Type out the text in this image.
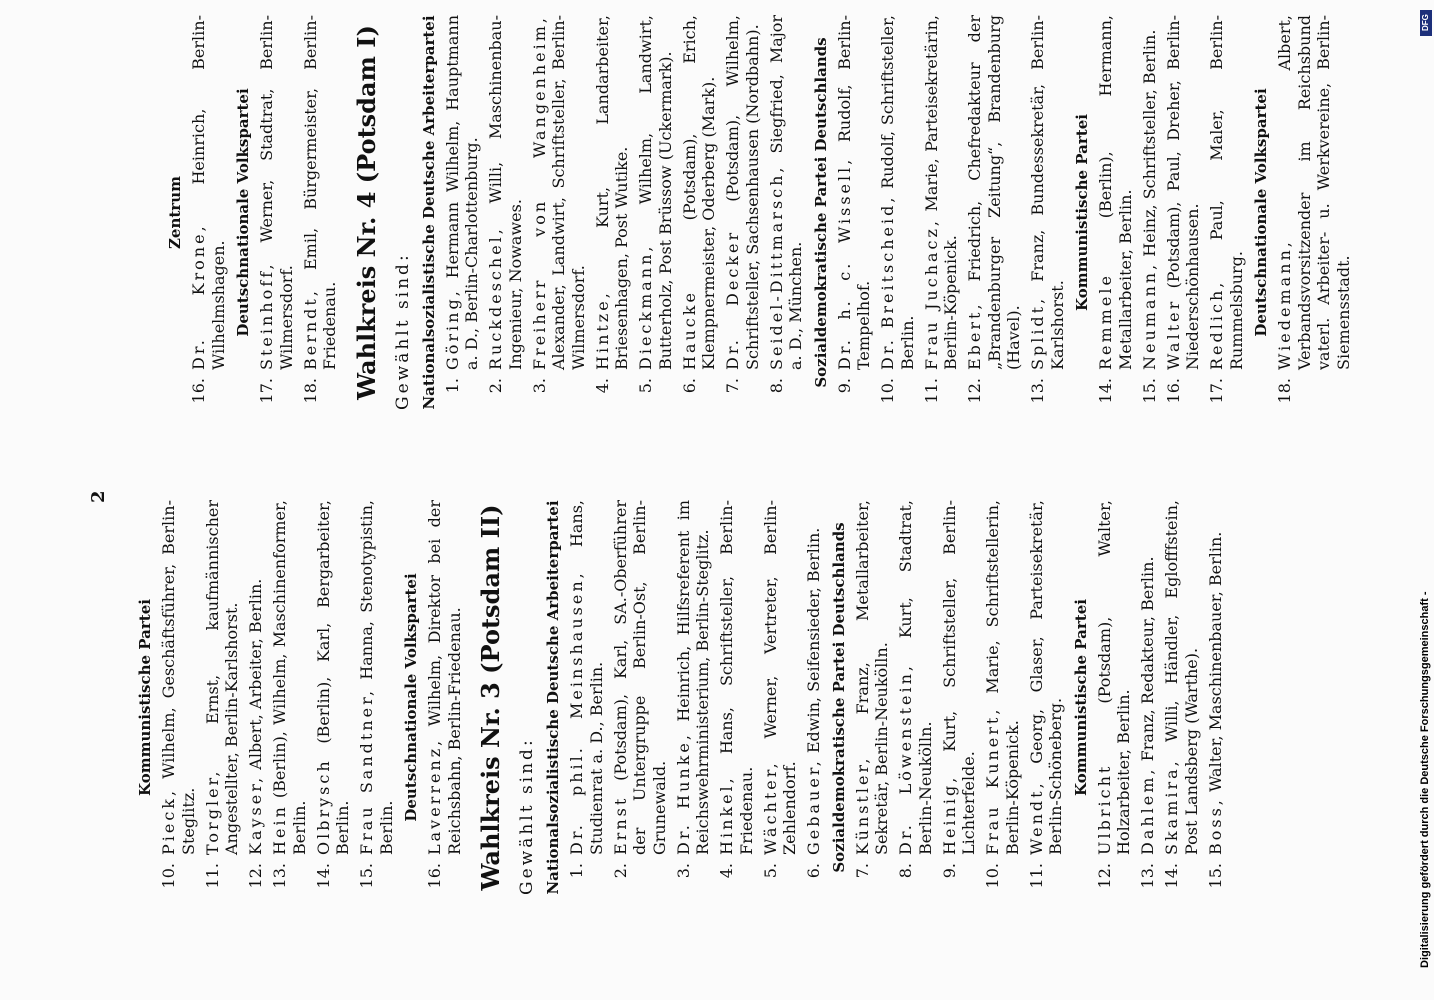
2
Kommunistische Partei
10.
Pieck, Wilhelm, Geschäftsführer, Berlin-Steglitz.
11.
Torgler, Ernst, kaufmännischer Angestellter, Berlin-Karlshorst.
12.
Kayser, Albert, Arbeiter, Berlin.
13.
Hein (Berlin), Wilhelm, Maschinenformer, Berlin.
14.
Olbrysch (Berlin), Karl, Bergarbeiter, Berlin.
15.
Frau Sandtner, Hanna, Stenotypistin, Berlin.
Deutschnationale Volkspartei
16.
Laverrenz, Wilhelm, Direktor bei der Reichsbahn, Berlin-Friedenau. Wahlkreis Nr. 3 (Potsdam II) Gewählt sind: Nationalsozialistische Deutsche Arbeiterpartei 1.
Dr. phil. Meinshausen, Hans, Studienrat a. D., Berlin.
2.
Ernst (Potsdam), Karl, SA.-Oberführer der Untergruppe Berlin-Ost, Berlin-Grunewald.
3.
Dr. Hunke, Heinrich, Hilfsreferent im Reichswehrministerium, Berlin-Steglitz.
4.
Hinkel, Hans, Schriftsteller, Berlin-Friedenau.
5.
Wächter, Werner, Vertreter, Berlin-Zehlendorf.
6.
Gebauer, Edwin, Seifensieder, Berlin. Sozialdemokratische Partei Deutschlands 7.
Künstler, Franz, Metallarbeiter, Sekretär, Berlin-Neukölln.
8.
Dr. Löwenstein, Kurt, Stadtrat, Berlin-Neukölln.
9.
Heinig, Kurt, Schriftsteller, Berlin-Lichterfelde.
10.
Frau Kunert, Marie, Schriftstellerin, Berlin-Köpenick.
11.
Wendt, Georg, Glaser, Parteisekretär, Berlin-Schöneberg. Kommunistische Partei
12.
Ulbricht (Potsdam), Walter, Holzarbeiter, Berlin.
13.
Dahlem, Franz, Redakteur, Berlin.
14.
Skamira, Willi, Händler, Eglofffstein, Post Landsberg (Warthe).
15.
Boss, Walter, Maschinenbauer, Berlin.
Zentrum
16.
Dr. Krone, Heinrich, Berlin-Wilhelmshagen. Deutschnationale Volkspartei
17.
Steinhoff, Werner, Stadtrat, Berlin-Wilmersdorf.
18.
Berndt, Emil, Bürgermeister, Berlin-Friedenau. Wahlkreis Nr. 4 (Potsdam I) Gewählt sind: Nationalsozialistische Deutsche Arbeiterpartei 1.
Göring, Hermann Wilhelm, Hauptmann a. D., Berlin-Charlottenburg.
2.
Ruckdeschel, Willi, Maschinenbau-Ingenieur, Nowawes.
3.
Freiherr von Wangenheim, Alexander, Landwirt, Schriftsteller, Berlin-Wilmersdorf.
4.
Hintze, Kurt, Landarbeiter, Briesenhagen, Post Wutike.
5.
Dieckmann, Wilhelm, Landwirt, Butterholz, Post Brüssow (Uckermark).
6.
Haucke (Potsdam), Erich, Klempnermeister, Oderberg (Mark).
7.
Dr. Decker (Potsdam), Wilhelm, Schriftsteller, Sachsenhausen (Nordbahn).
8.
Seidel-Dittmarsch, Siegfried, Major a. D., München. Sozialdemokratische Partei Deutschlands 9.
Dr. h. c. Wissell, Rudolf, Berlin-Tempelhof.
10.
Dr. Breitscheid, Rudolf, Schriftsteller, Berlin.
11.
Frau Juchacz, Marie, Parteisekretärin, Berlin-Köpenick.
12.
Ebert, Friedrich, Chefredakteur der „Brandenburger Zeitung“, Brandenburg (Havel).
13.
Splidt, Franz, Bundessekretär, Berlin-Karlshorst.
Kommunistische Partei
14.
Remmele (Berlin), Hermann, Metallarbeiter, Berlin.
15.
Neumann, Heinz, Schriftsteller, Berlin.
16.
Walter (Potsdam), Paul, Dreher, Berlin-Niederschönhausen.
17.
Redlich, Paul, Maler, Berlin-Rummelsburg. Deutschnationale Volkspartei
18.
Wiedemann, Albert, Verbandsvorsitzender im Reichsbund vaterl. Arbeiter- u. Werkvereine, Berlin-Siemensstadt.
Digitalisierung gefördert durch die Deutsche Forschungsgemeinschaft -
DFG
